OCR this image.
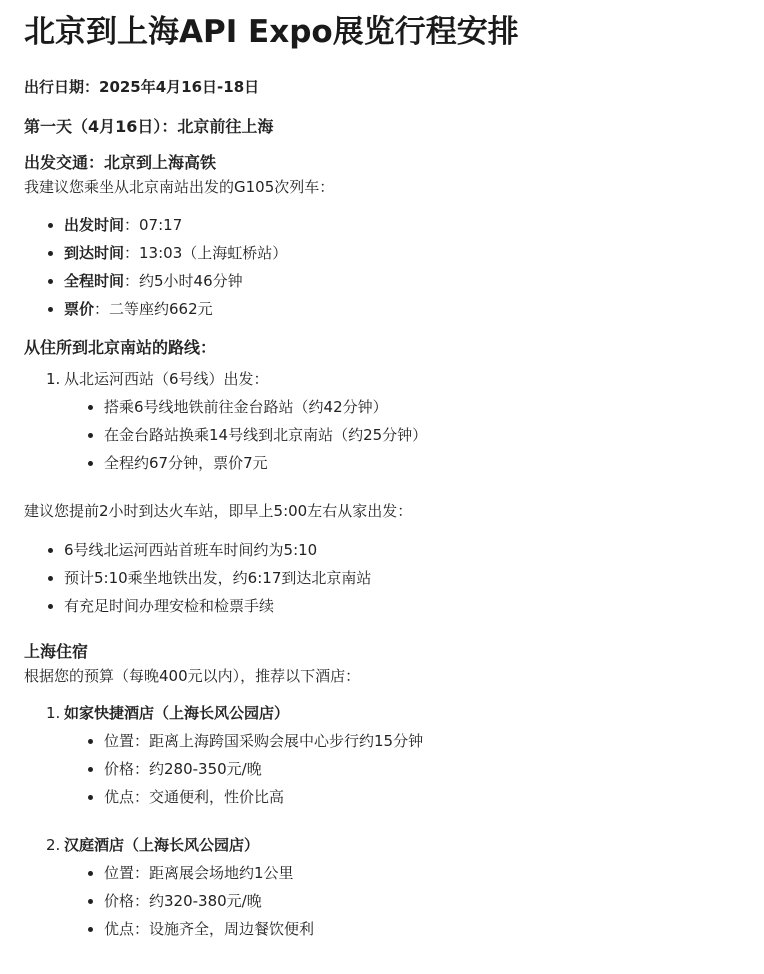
北京到上海API Expo展览行程安排

出行日期：2025年4月16日-18日

第一天（4月16日）：北京前往上海

出发交通：北京到上海高铁

我建议您乘坐从北京南站出发的G105次列车：

出发时间：07:17
到达时间：13:03（上海虹桥站）
全程时间：约5小时46分钟
票价：二等座约662元

从住所到北京南站的路线：

1. 从北运河西站（6号线）出发：
搭乘6号线地铁前往金台路站（约42分钟）
在金台路站换乘14号线到北京南站（约25分钟）
全程约67分钟，票价7元

建议您提前2小时到达火车站，即早上5:00左右从家出发：

6号线北运河西站首班车时间约为5:10
预计5:10乘坐地铁出发，约6:17到达北京南站
有充足时间办理安检和检票手续

上海住宿

根据您的预算（每晚400元以内），推荐以下酒店：

1. 如家快捷酒店（上海长风公园店）
位置：距离上海跨国采购会展中心步行约15分钟
价格：约280-350元/晚
优点：交通便利，性价比高
2. 汉庭酒店（上海长风公园店）
位置：距离展会场地约1公里
价格：约320-380元/晚
优点：设施齐全，周边餐饮便利
